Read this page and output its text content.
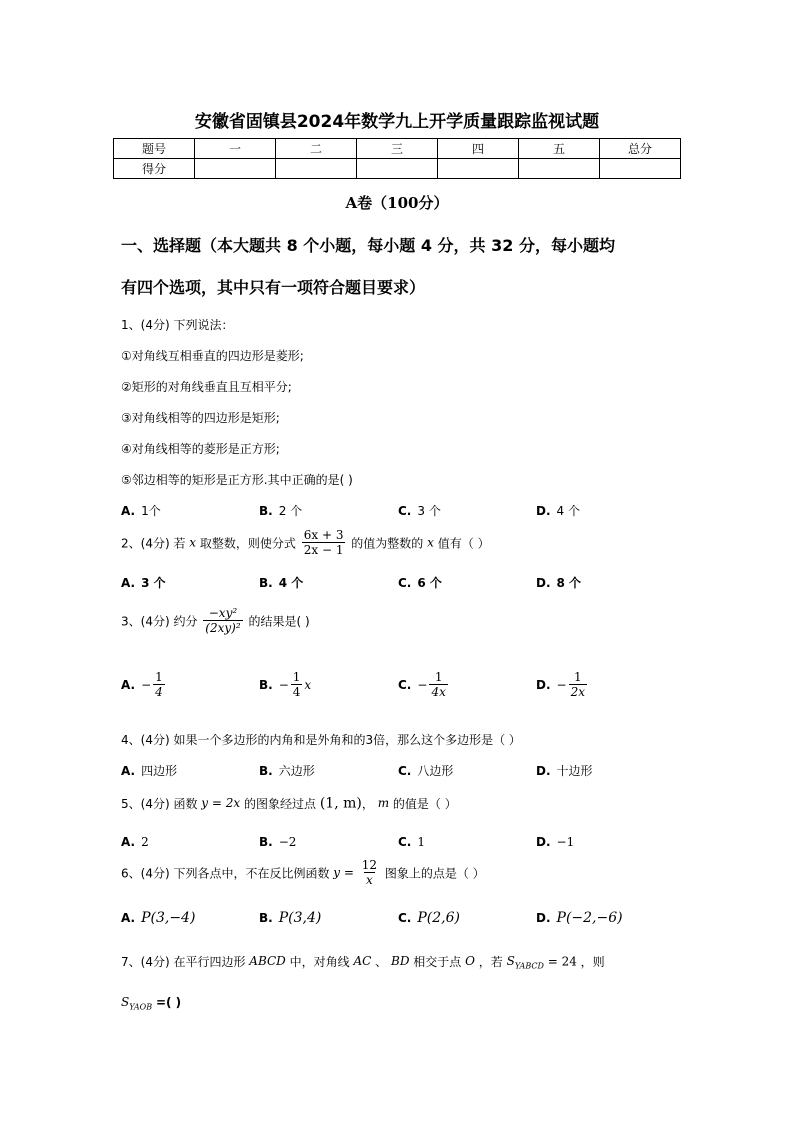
安徽省固镇县2024年数学九上开学质量跟踪监视试题
题号	一	二	三	四	五	总分
得分						
A卷（100分）
一、选择题（本大题共 8 个小题，每小题 4 分，共 32 分，每小题均
有四个选项，其中只有一项符合题目要求）
1、(4分) 下列说法：
①对角线互相垂直的四边形是菱形;
②矩形的对角线垂直且互相平分;
③对角线相等的四边形是矩形;
④对角线相等的菱形是正方形;
⑤邻边相等的矩形是正方形.其中正确的是( )
A. 1个	B. 2 个	C. 3 个	D. 4 个
2、(4分) 若 x 取整数，则使分式 $\frac{6x + 3}{2x - 1}$ 的值为整数的 x 值有（ ）
A. 3 个	B. 4 个	C. 6 个	D. 8 个
3、(4分) 约分 $\frac{\text{−xy²}}{\text{(2xy)²}}$ 的结果是( )
A. − $\frac{1}{4}$	B. − $\frac{1}{4}$ x	C. − $\frac{1}{4x}$	D. − $\frac{1}{2x}$
4、(4分) 如果一个多边形的内角和是外角和的3倍，那么这个多边形是（ ）
A. 四边形	B. 六边形	C. 八边形	D. 十边形
5、(4分) 函数 y = 2x 的图象经过点 (1, m)， m 的值是（ ）
A. 2	B. −2	C. 1	D. −1
6、(4分) 下列各点中，不在反比例函数 $y = \frac{12}{x}$ 图象上的点是（ ）
A. P(3,−4)	B. P(3,4)	C. P(2,6)	D. P(−2,−6)
7、(4分) 在平行四边形 ABCD 中，对角线 AC 、 BD 相交于点 O ，若 $S_{YABCD} = 24$ ，则
$S_{YAOB}$ =( )
